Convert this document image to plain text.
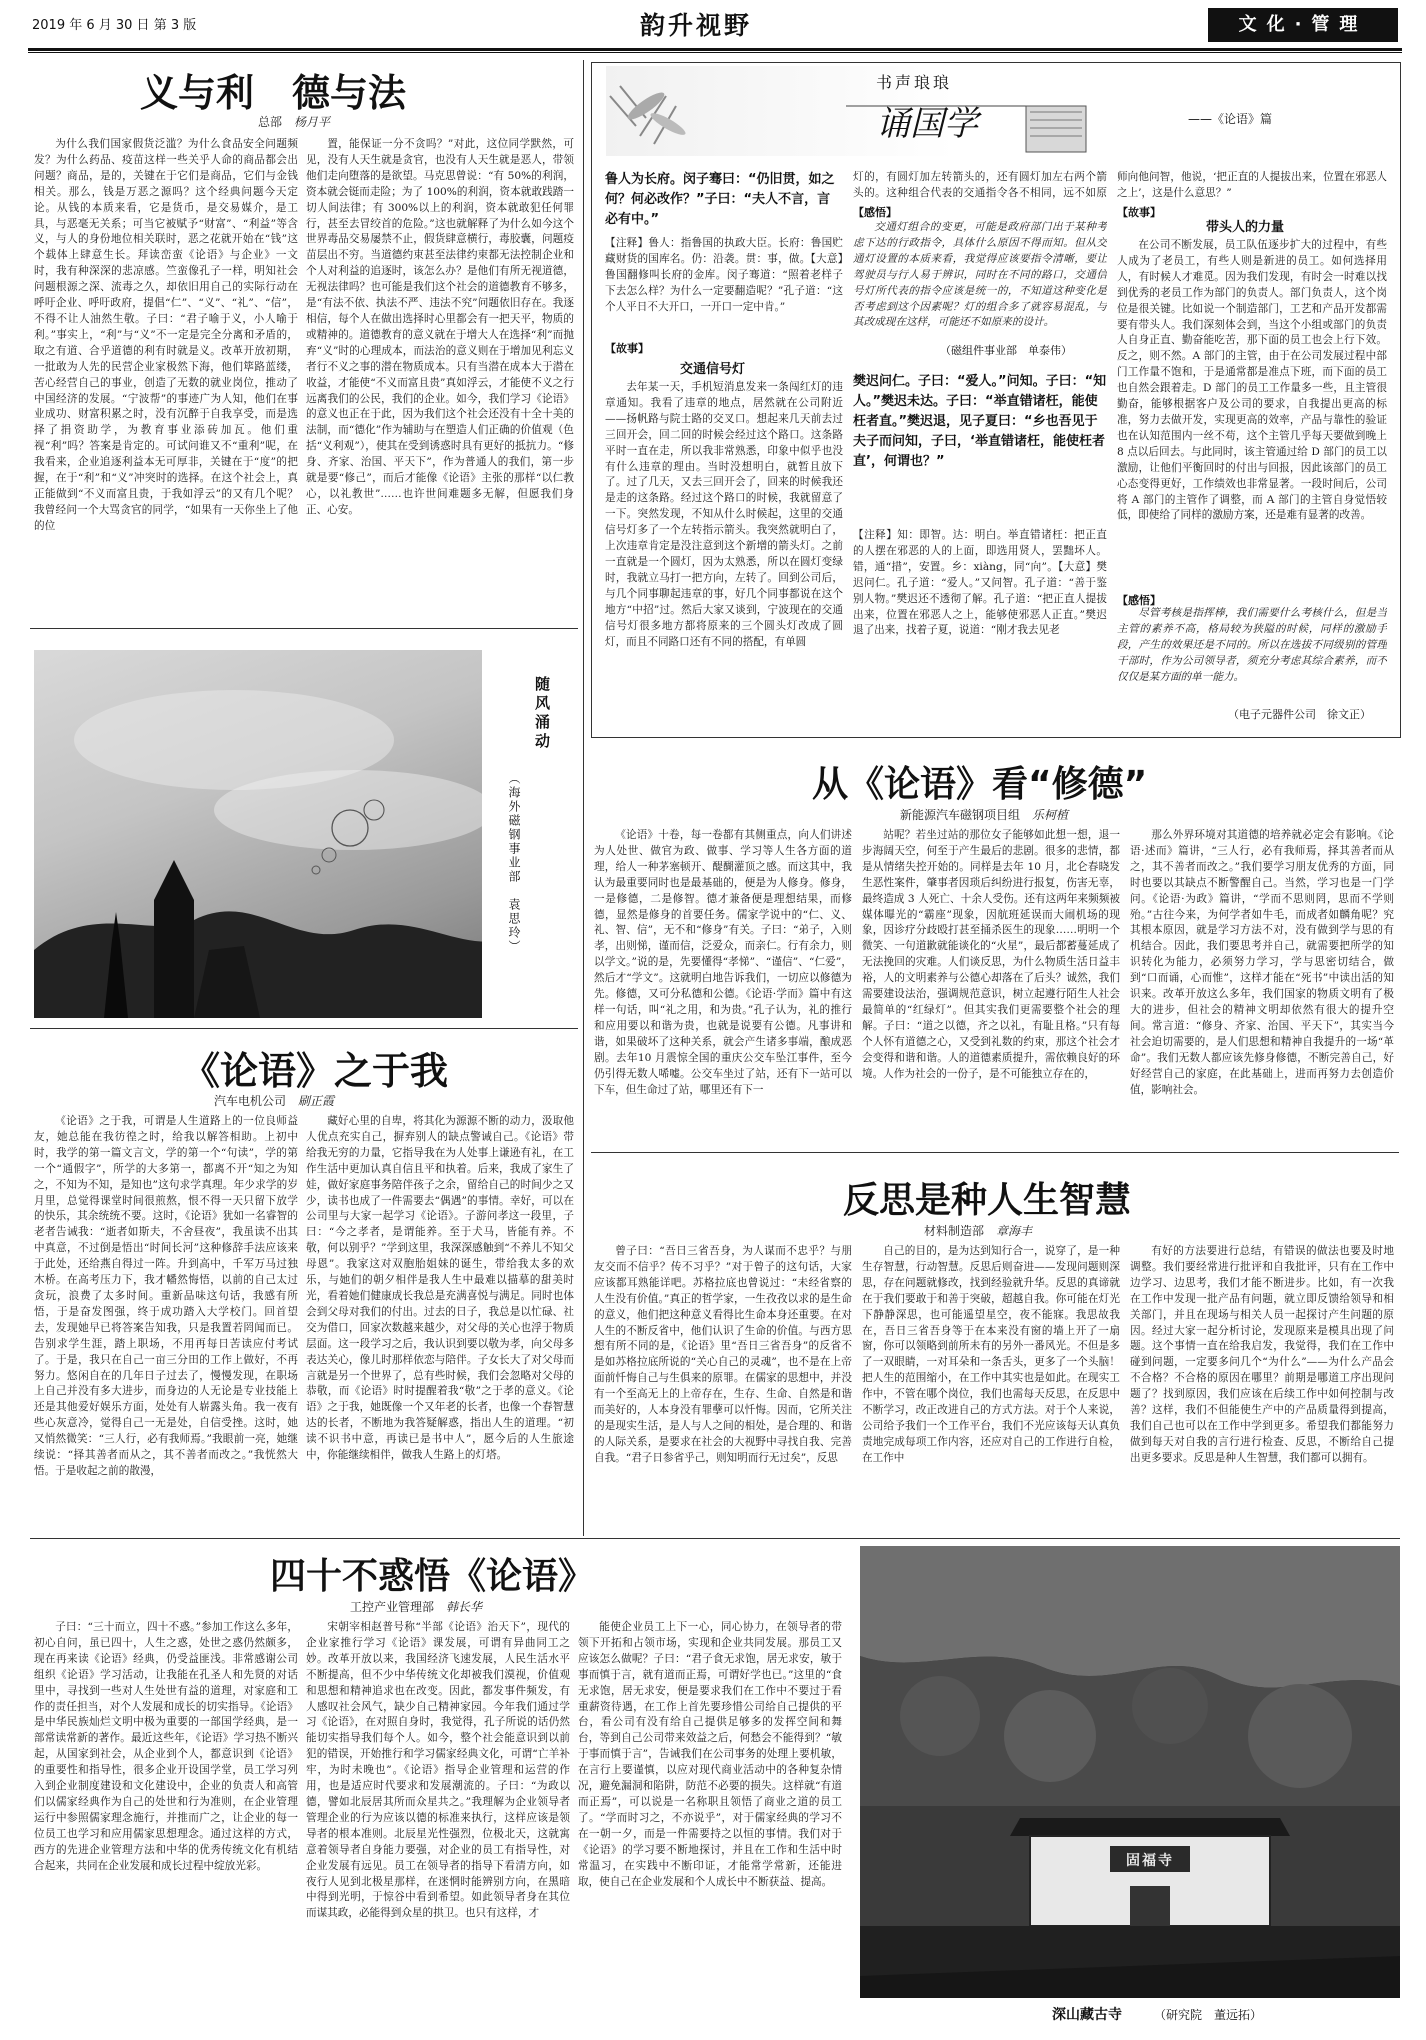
2019 年 6 月 30 日 第 3 版	韵升视野	文化·管理
义与利　德与法
总部 杨月平
为什么我们国家假货泛滥？为什么食品安全问题频发？为什么药品、疫苗这样一些关乎人命的商品都会出问题？商品，是的，关键在于它们是商品，它们与金钱相关。那么，钱是万恶之源吗？这个经典问题今天定论。从钱的本质来看，它是货币，是交易媒介，是工具，与恶毫无关系；可当它被赋予“财富”、“利益”等含义，与人的身份地位相关联时，恶之花就开始在“钱”这个载体上肆意生长。拜读峦蛮《论语》与企业》一文时，我有种深深的悲凉感。竺蛮像孔子一样，明知社会问题根源之深、流毒之久，却依旧用自己的实际行动在呼吁企业、呼吁政府，提倡“仁”、“义”、“礼”、“信”，不得不让人油然生敬。子曰：“君子喻于义，小人喻于利。”事实上，“利”与“义”不一定是完全分离和矛盾的，取之有道、合乎道德的利有时就是义。改革开放初期，一批敢为人先的民营企业家极然下海，他们筚路蓝缕，苦心经营自己的事业，创造了无数的就业岗位，推动了中国经济的发展。“宁波帮”的事迹广为人知，他们在事业成功、财富积累之时，没有沉醉于自我享受，而是选择了捐资助学，为教育事业添砖加瓦。他们重视“利”吗？答案是肯定的。可试问谁又不“重利”呢，在我看来，企业追逐利益本无可厚非，关键在于“度”的把握，在于“利”和“义”冲突时的选择。在这个社会上，真正能做到“不义而富且贵，于我如浮云”的又有几个呢？我曾经问一个大骂贪官的同学，“如果有一天你坐上了他的位
置，能保证一分不贪吗？”对此，这位同学默然，可见，没有人天生就是贪官，也没有人天生就是恶人，带领他们走向堕落的是欲望。马克思曾说：“有 50%的利润，资本就会铤而走险；为了 100%的利润，资本就敢践踏一切人间法律；有 300%以上的利润，资本就敢犯任何罪行，甚至去冒绞首的危险。”这也就解释了为什么如今这个世界毒品交易屡禁不止，假货肆意横行，毒胶囊，问题疫苗层出不穷。当道德约束甚至法律约束都无法控制企业和个人对利益的追逐时，该怎么办？是他们有所无视道德，无视法律吗？也可能是我们这个社会的道德教育不够多，是“有法不依、执法不严、违法不究”问题依旧存在。我逐相信，每个人在做出选择时心里都会有一把天平，物质的或精神的。道德教育的意义就在于增大人在选择“利”而抛弃“义”时的心理成本，而法治的意义则在于增加见利忘义者行不义之事的潜在物质成本。只有当潜在成本大于潜在收益，才能使“不义而富且贵”真如浮云，才能使不义之行远离我们的公民，我们的企业。如今，我们学习《论语》的意义也正在于此，因为我们这个社会还没有十全十美的法制，而“德化”作为辅助与在塑造人们正确的价值观（色括“义利观”），使其在受到诱惑时具有更好的抵抗力。“修身、齐家、治国、平天下”，作为普通人的我们，第一步就是要“修己”，而后才能像《论语》主张的那样“以仁教心，以礼教世”……也许世间难题多无解，但愿我们身正、心安。
随风涌动
（海外磁钢事业部　袁思玲）
《论语》之于我
汽车电机公司 刷正霞
《论语》之于我，可谓是人生道路上的一位良师益友，她总能在我彷徨之时，给我以解答相助。上初中时，我学的第一篇文言文，学的第一个“句读”，学的第一个“通假字”，所学的大多第一，都离不开“知之为知之，不知为不知，是知也”这句求学真理。年少求学的岁月里，总觉得课堂时间很煎熬，恨不得一天只留下放学的快乐，其余统统不要。这时，《论语》犹如一名睿智的老者告诫我：“逝者如斯夫，不舍昼夜”，我虽读不出其中真意，不过倒是悟出“时间长河”这种修辞手法应该来于此处，还给燕自得过一阵。升到高中，千军万马过独木桥。在高考压力下，我才幡然悔悟，以前的自己太过贪玩，浪费了太多时间。重新品味这句话，我感有所悟，于是奋发图强，终于成功踏入大学校门。回首望去，发现她早已将答案告知我，只是我置若罔闻而已。告别求学生涯，踏上职场，不用再每日苦读应付考试了。于是，我只在自己一亩三分田的工作上做好，不再努力。悠闲自在的几年日子过去了，慢慢发现，在职场上自己并没有多大进步，而身边的人无论是专业技能上还是其他爱好娱乐方面，处处有人崭露头角。我一夜有些心灰意冷，觉得自己一无是处，自信受挫。这时，她又悄然微笑：“三人行，必有我师焉。”我眼前一亮，她继续说：“择其善者而从之，其不善者而改之。”我恍然大悟。于是收起之前的散漫，
藏好心里的自卑，将其化为源源不断的动力，汲取他人优点充实自己，摒弃别人的缺点警诫自己。《论语》带给我无穷的力量，它指导我在为人处事上谦逊有礼，在工作生活中更加认真自信且平和执着。后来，我成了家生了娃，做好家庭事务陪伴孩子之余，留给自己的时间少之又少，读书也成了一件需要去“偶遇”的事情。幸好，可以在公司里与大家一起学习《论语》。子游问孝这一段里，子曰：“今之孝者，是谓能养。至于犬马，皆能有养。不敬，何以别乎？”学到这里，我深深感触到“不养儿不知父母恩”。我家这对双胞胎姐妹的诞生，带给我太多的欢乐，与她们的朝夕相伴是我人生中最难以描摹的甜美时光，看着她们健康成长我总是充满喜悦与满足。同时也体会到父母对我们的付出。过去的日子，我总是以忙碌、社交为借口，回家次数越来越少，对父母的关心也浮于物质层面。这一段学习之后，我认识到要以敬为孝，向父母多表达关心，像儿时那样依恋与陪伴。子女长大了对父母而言就是另一个世界了，总有些时候，我们会忽略对父母的恭敬，而《论语》时时提醒着我“敬”之于孝的意义。《论语》之于我，她既像一个又年老的长者，也像一个春智慧达的长者，不断地为我答疑解惑，指出人生的道理。“初读不识书中意，再读已是书中人”，愿今后的人生旅途中，你能继续相伴，做我人生路上的灯塔。
书声琅琅
诵国学	——《论语》篇
鲁人为长府。闵子骞曰：“仍旧贯，如之何？何必改作？”子曰：“夫人不言，言必有中。”
【注释】鲁人：指鲁国的执政大臣。长府：鲁国贮藏财货的国库名。仍：沿袭。贯：事，做。【大意】鲁国翻修叫长府的金库。闵子骞道：“照着老样子下去怎么样？为什么一定要翻造呢？”孔子道：“这个人平日不大开口，一开口一定中肯。”
【故事】
交通信号灯
去年某一天，手机短消息发来一条闯红灯的违章通知。我看了违章的地点，居然就在公司附近——扬帆路与院士路的交叉口。想起来几天前去过三回开会，回二回的时候会经过这个路口。这条路平时一直在走，所以我非常熟悉，印象中似乎也没有什么违章的理由。当时没想明白，就暂且放下了。过了几天，又去三回开会了，回来的时候我还是走的这条路。经过这个路口的时候，我就留意了一下。突然发现，不知从什么时候起，这里的交通信号灯多了一个左转指示箭头。我突然就明白了，上次违章肯定是没注意到这个新增的箭头灯。之前一直就是一个圆灯，因为太熟悉，所以在圆灯变绿时，我就立马打一把方向，左转了。回到公司后，与几个同事聊起违章的事，好几个同事都说在这个地方“中招”过。然后大家又谈到，宁波现在的交通信号灯很多地方都将原来的三个圆头灯改成了圆灯，而且不同路口还有不同的搭配，有单圆
灯的，有圆灯加左转箭头的，还有圆灯加左右两个箭头的。这种组合代表的交通指令各不相同，远不如原
【感悟】
交通灯组合的变更，可能是政府部门出于某种考虑下达的行政指令，具体什么原因不得而知。但从交通灯设置的本质来看，我觉得应该要指令清晰，要让驾驶员与行人易于辨识，同时在不同的路口，交通信号灯所代表的指令应该是统一的，不知道这种变化是否考虑到这个因素呢？灯的组合多了就容易混乱，与其改成现在这样，可能还不如原来的设计。
（磁组件事业部　单泰伟）
樊迟问仁。子曰：“爱人。”问知。子曰：“知人。”樊迟未达。子曰：“举直错诸枉，能使枉者直。”樊迟退，见子夏曰：“乡也吾见于夫子而问知，子曰，‘举直错诸枉，能使枉者直’，何谓也？”
【注释】知：即智。达：明白。举直错诸枉：把正直的人摆在邪恶的人的上面，即选用贤人，罢黜坏人。错，通“措”，安置。乡：xiàng，同“向”。【大意】樊迟问仁。孔子道：“爱人。”又问智。孔子道：“善于鉴别人物。”樊迟还不透彻了解。孔子道：“把正直人提拔出来，位置在邪恶人之上，能够使邪恶人正直。”樊迟退了出来，找着子夏，说道：“刚才我去见老
师向他问智，他说，‘把正直的人提拔出来，位置在邪恶人之上’，这是什么意思？”
【故事】
带头人的力量
在公司不断发展，员工队伍逐步扩大的过程中，有些人成为了老员工，有些人则是新进的员工。如何选择用人，有时候人才难觅。因为我们发现，有时会一时难以找到优秀的老员工作为部门的负责人。部门负责人，这个岗位是很关键。比如说一个制造部门，工艺和产品开发都需要有带头人。我们深刻体会到，当这个小组或部门的负责人自身正直、勤奋能吃苦，那下面的员工也会上行下效。反之，则不然。A 部门的主管，由于在公司发展过程中部门工作量不饱和，于是通常都是准点下班，而下面的员工也自然会跟着走。D 部门的员工工作量多一些，且主管很勤奋，能够根据客户及公司的要求，自我提出更高的标准，努力去做开发，实现更高的效率，产品与靠性的验证也在认知范围内一丝不苟，这个主管几乎每天要做到晚上 8 点以后回去。与此同时，该主管通过给 D 部门的员工以激励，让他们平衡回时的付出与回报，因此该部门的员工心态变得更好，工作绩效也非常显著。一段时间后，公司将 A 部门的主管作了调整，而 A 部门的主管自身觉悟较低，即使给了同样的激励方案，还是难有显著的改善。
【感悟】
尽管考核是指挥棒，我们需要什么考核什么，但是当主管的素养不高，格局较为狭隘的时候，同样的激励手段，产生的效果还是不同的。所以在选拔不同级别的管理干部时，作为公司领导者，须充分考虑其综合素养，而不仅仅是某方面的单一能力。
（电子元器件公司　徐文正）
从《论语》看“修德”
新能源汽车磁钢项目组 乐柯植
《论语》十卷，每一卷都有其侧重点，向人们讲述为人处世、做官为政、做事、学习等人生各方面的道理，给人一种茅塞顿开、醍醐灌顶之感。而这其中，我认为最重要同时也是最基础的，便是为人修身。修身，一是修德，二是修智。德才兼备便是理想结果，而修德，显然是修身的首要任务。儒家学说中的“仁、义、礼、智、信”，无不和“修身”有关。子曰：“弟子，入则孝，出则悌，谨而信，泛爱众，而亲仁。行有余力，则以学文。”说的是，先要懂得“孝悌”、“谨信”、“仁爱”，然后才“学文”。这就明白地告诉我们，一切应以修德为先。修德，又可分私德和公德。《论语·学而》篇中有这样一句话，叫“礼之用，和为贵。”孔子认为，礼的推行和应用要以和谐为贵，也就是说要有公德。凡事讲和谐，如果破坏了这种关系，就会产生诸多事端，酿成恶剧。去年10 月震惊全国的重庆公交车坠江事件，至今仍引得无数人唏嘘。公交车坐过了站，还有下一站可以下车，但生命过了站，哪里还有下一
站呢？若坐过站的那位女子能够如此想一想，退一步海阔天空，何至于产生最后的悲剧。很多的悲情，都是从情绪失控开始的。同样是去年 10 月，北仑春晓发生恶性案件，肇事者因琐后纠纷进行报复，伤害无辜，最终造成 3 人死亡、十余人受伤。还有这两年来频频被媒体曝光的“霸座”现象，因航班延误而大闹机场的现象，因诊疗分歧殴打甚至捅杀医生的现象……明明一个微笑、一句道歉就能谈化的“火星”，最后都蓄蔓延成了无法挽回的灾难。人们谈反思，为什么物质生活日益丰裕，人的文明素养与公德心却落在了后头？诚然，我们需要建设法治，强调规范意识，树立起遵行陌生人社会最简单的“红绿灯”。但其实我们更需要整个社会的理解。子曰：“道之以德，齐之以礼，有耻且格。”只有每个人怀有道德之心，又受到礼数的约束，那这个社会才会变得和谐和谐。人的道德素质提升，需依赖良好的环境。人作为社会的一份子，是不可能独立存在的，
那么外界环境对其道德的培养就必定会有影响。《论语·述而》篇讲，“三人行，必有我师焉，择其善者而从之，其不善者而改之。”我们要学习朋友优秀的方面，同时也要以其缺点不断警醒自己。当然，学习也是一门学问。《论语·为政》篇讲，“学而不思则罔，思而不学则殆。”古往今来，为何学者如牛毛，而成者如麟角呢？究其根本原因，就是学习方法不对，没有做到学与思的有机结合。因此，我们要思考并自己，就需要把所学的知识转化为能力，必须努力学习，学与思密切结合，做到“口而诵，心而惟”，这样才能在“死书”中读出活的知识来。改革开放这么多年，我们国家的物质文明有了极大的进步，但社会的精神文明却依然有很大的提升空间。常言道：“修身、齐家、治国、平天下”，其实当今社会迫切需要的，是人们思想和精神自我提升的一场“革命”。我们无数人都应该先修身修德，不断完善自己，好好经营自己的家庭，在此基础上，进而再努力去创造价值，影响社会。
反思是种人生智慧
材料制造部 章海丰
曾子曰：“吾日三省吾身，为人谋而不忠乎？与朋友交而不信乎？传不习乎？”对于曾子的这句话，大家应该都耳熟能详吧。苏格拉底也曾说过：“未经省察的人生没有价值。”真正的哲学家，一生孜孜以求的是生命的意义，他们把这种意义看得比生命本身还重要。在对人生的不断反省中，他们认识了生命的价值。与西方思想有所不同的是，《论语》里“吾日三省吾身”的反省不是如苏格拉底所说的“关心自己的灵魂”，也不是在上帝面前忏悔自己与生俱来的原罪。在儒家的思想中，并没有一个至高无上的上帝存在，生存、生命、自然是和谐而美好的，人本身没有罪孽可以忏悔。因而，它所关注的是现实生活，是人与人之间的相处，是合理的、和谐的人际关系，是要求在社会的大视野中寻找自我、完善自我。“君子日参省乎己，则知明而行无过矣”，反思
自己的目的，是为达到知行合一，说穿了，是一种生存智慧，行动智慧。反思后则奋进——发现问题则深思，存在问题就修改，找到经验就升华。反思的真谛就在于我们要敢于和善于突破，超越自我。你可能在灯光下静静深思，也可能遥望星空，夜不能寐。我思故我在，吾日三省吾身等于在本来没有窗的墙上开了一扇窗，你可以领略到前所未有的另外一番风光。不但是多了一双眼睛，一对耳朵和一条舌头，更多了一个头脑！把人生的范围缩小，在工作中其实也是如此。在现实工作中，不管在哪个岗位，我们也需每天反思，在反思中不断学习，改正改进自己的方式方法。对于个人来说，公司给予我们一个工作平台，我们不光应该每天认真负责地完成每项工作内容，还应对自己的工作进行自检，在工作中
有好的方法要进行总结，有错误的做法也要及时地调整。我们要经常进行批评和自我批评，只有在工作中边学习、边思考，我们才能不断进步。比如，有一次我在工作中发现一批产品有问题，就立即反馈给领导和相关部门，并且在现场与相关人员一起探讨产生问题的原因。经过大家一起分析讨论，发现原来是模具出现了问题。这个事情一直在给我启发，我觉得，我们在工作中碰到问题，一定要多问几个“为什么”——为什么产品会不合格？不合格的原因在哪里？前期是哪道工序出现问题了？找到原因，我们应该在后续工作中如何控制与改善？这样，我们不但能使生产中的产品质量得到提高，我们自己也可以在工作中学到更多。希望我们都能努力做到每天对自我的言行进行检查、反思，不断给自己提出更多要求。反思是种人生智慧，我们都可以拥有。
四十不惑悟《论语》
工控产业管理部 韩长华
子曰：“三十而立，四十不惑。”参加工作这么多年，初心自问，虽已四十，人生之惑，处世之惑仍然颇多，现在再来读《论语》经典，仍受益匪浅。非常感谢公司组织《论语》学习活动，让我能在孔圣人和先贤的对话里中，寻找到一些对人生处世有益的道理，对家庭和工作的责任担当，对个人发展和成长的切实指导。《论语》是中华民族灿烂文明中极为重要的一部国学经典，是一部常读常新的著作。最近这些年，《论语》学习热不断兴起，从国家到社会，从企业到个人，都意识到《论语》的重要性和指导性，很多企业开设国学堂，员工学习列入到企业制度建设和文化建设中，企业的负责人和高管们以儒家经典作为自己的处世和行为准则，在企业管理运行中参照儒家理念施行，并推而广之，让企业的每一位员工也学习和应用儒家思想理念。通过这样的方式，西方的先进企业管理方法和中华的优秀传统文化有机结合起来，共同在企业发展和成长过程中绽放光彩。
宋朝宰相赵普号称“半部《论语》治天下”，现代的企业家推行学习《论语》课发展，可谓有异曲同工之妙。改革开放以来，我国经济飞速发展，人民生活水平不断提高，但不少中华传统文化却被我们漠视，价值观和思想和精神追求也在改变。因此，都发事件频发，有人感叹社会风气，缺少自己精神家园。今年我们通过学习《论语》，在对照自身时，我觉得，孔子所说的话仍然能切实指导我们每个人。如今，整个社会能意识到以前犯的错误，开始推行和学习儒家经典文化，可谓“亡羊补牢，为时未晚也”。《论语》指导企业管理和运营的作用，也是适应时代要求和发展潮流的。子曰：“为政以德，譬如北辰居其所而众星共之。”我理解为企业领导者管理企业的行为应该以德的标准来执行，这样应该是领导者的根本准则。北辰星光性强烈，位极北天，这就寓意着领导者自身能力要强，对企业的员工有指导性，对企业发展有远见。员工在领导者的指导下看清方向，如夜行人见到北极星那样，在迷惘时能辨别方向，在黑暗中得到光明，于惊谷中看到希望。如此领导者身在其位而谋其政，必能得到众星的拱卫。也只有这样，才
能使企业员工上下一心，同心协力，在领导者的带领下开拓和占领市场，实现和企业共同发展。那员工又应该怎么做呢？子曰：“君子食无求饱，居无求安，敏于事而慎于言，就有道而正焉，可谓好学也已。”这里的“食无求饱，居无求安，便是要求我们在工作中不要过于看重薪资待遇，在工作上首先要珍惜公司给自己提供的平台，看公司有没有给自己提供足够多的发挥空间和舞台，等到自己公司带来效益之后，何愁会不能得到？“敏于事而慎于言”，告诫我们在公司事务的处理上要机敏，在言行上要谨慎，以应对现代商业活动中的各种复杂情况，避免漏洞和陷阱，防范不必要的损失。这样就“有道而正焉”，可以说是一名称职且领悟了商业之道的员工了。“学而时习之，不亦说乎”，对于儒家经典的学习不在一朝一夕，而是一件需要持之以恒的事情。我们对于《论语》的学习要不断地探讨，并且在工作和生活中时常温习，在实践中不断印证，才能常学常新，还能进取，使自己在企业发展和个人成长中不断获益、提高。
固福寺
深山藏古寺	（研究院　董远拓）
